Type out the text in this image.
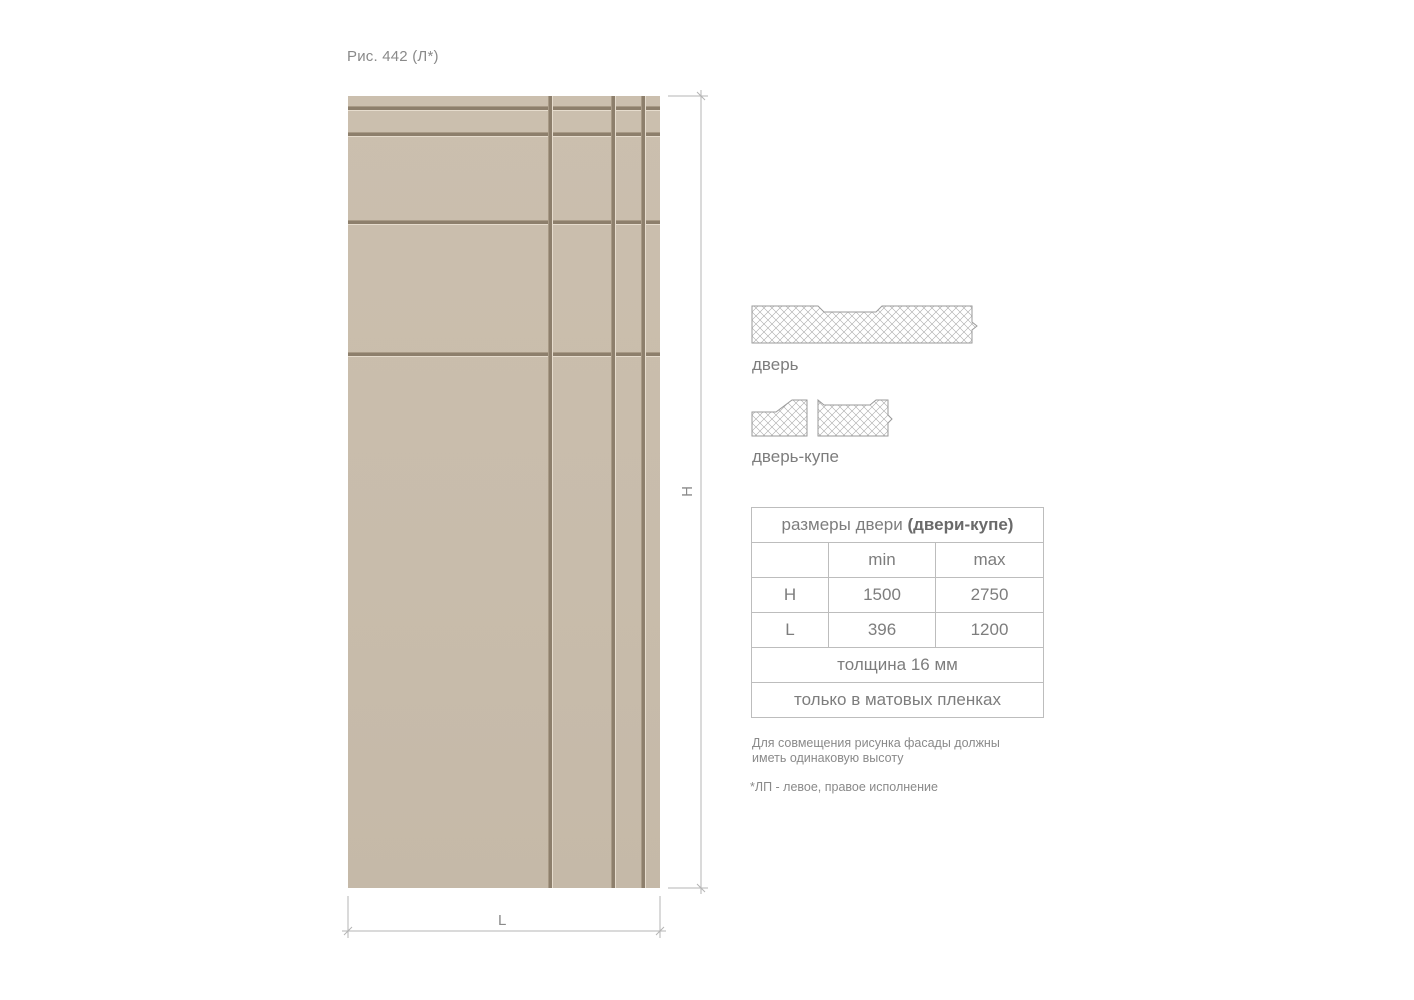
Рис. 442 (Л*)
H
L
дверь
дверь-купе
размеры двери (двери-купе)		
	min	max
H	1500	2750
L	396	1200
толщина 16 мм		
только в матовых пленках		
Для совмещения рисунка фасады должны
иметь одинаковую высоту
*ЛП - левое, правое исполнение
